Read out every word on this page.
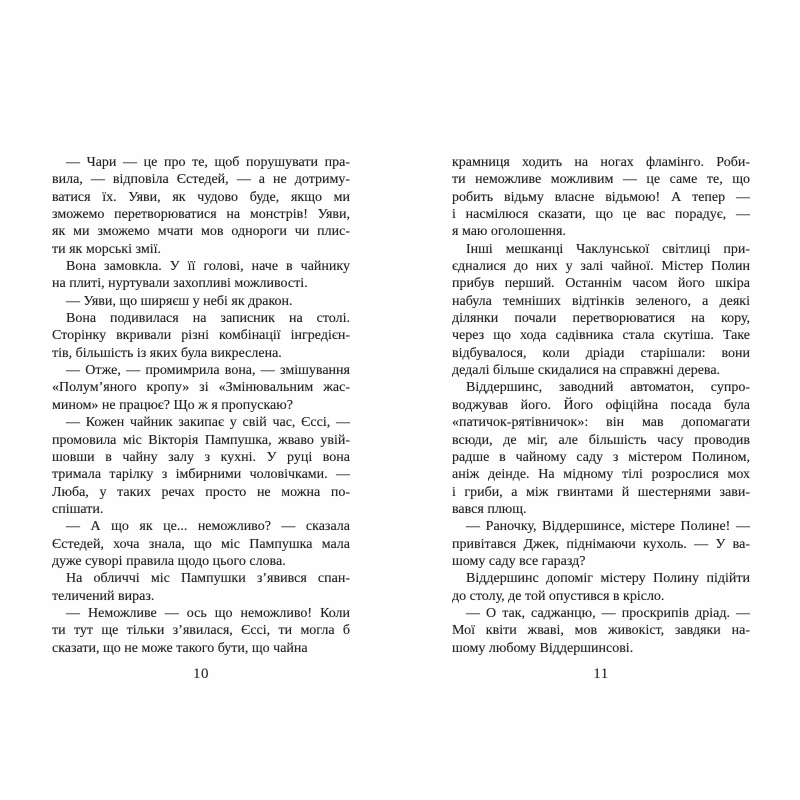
— Чари — це про те, щоб порушувати пра-
вила, — відповіла Єстедей, — а не дотриму-
ватися їх. Уяви, як чудово буде, якщо ми
зможемо перетворюватися на монстрів! Уяви,
як ми зможемо мчати мов однороги чи плис-
ти як морські змії.
Вона замовкла. У її голові, наче в чайнику
на плиті, нуртували захопливі можливості.
— Уяви, що ширяєш у небі як дракон.
Вона подивилася на записник на столі.
Сторінку вкривали різні комбінації інгредієн-
тів, більшість із яких була викреслена.
— Отже, — промимрила вона, — змішування
«Полум’яного кропу» зі «Змінювальним жас-
мином» не працює? Що ж я пропускаю?
— Кожен чайник закипає у свій час, Єссі, —
промовила міс Вікторія Пампушка, жваво увій-
шовши в чайну залу з кухні. У руці вона
тримала тарілку з імбирними чоловічками. —
Люба, у таких речах просто не можна по-
спішати.
— А що як це... неможливо? — сказала
Єстедей, хоча знала, що міс Пампушка мала
дуже суворі правила щодо цього слова.
На обличчі міс Пампушки з’явився спан-
теличений вираз.
— Неможливе — ось що неможливо! Коли
ти тут ще тільки з’явилася, Єссі, ти могла б
сказати, що не може такого бути, що чайна
10
крамниця ходить на ногах фламінго. Роби-
ти неможливе можливим — це саме те, що
робить відьму власне відьмою! А тепер —
і насмілюся сказати, що це вас порадує, —
я маю оголошення.
Інші мешканці Чаклунської світлиці при-
єдналися до них у залі чайної. Містер Полин
прибув перший. Останнім часом його шкіра
набула темніших відтінків зеленого, а деякі
ділянки почали перетворюватися на кору,
через що хода садівника стала скутіша. Таке
відбувалося, коли дріади старішали: вони
дедалі більше скидалися на справжні дерева.
Віддершинс, заводний автоматон, супро-
воджував його. Його офіційна посада була
«патичок-рятівничок»: він мав допомагати
всюди, де міг, але більшість часу проводив
радше в чайному саду з містером Полином,
аніж деінде. На мідному тілі розрослися мох
і гриби, а між гвинтами й шестернями зави-
вався плющ.
— Раночку, Віддершинсе, містере Полине! —
привітався Джек, піднімаючи кухоль. — У ва-
шому саду все гаразд?
Віддершинс допоміг містеру Полину підійти
до столу, де той опустився в крісло.
— О так, саджанцю, — проскрипів дріад. —
Мої квіти жваві, мов живокіст, завдяки на-
шому любому Віддершинсові.
11
